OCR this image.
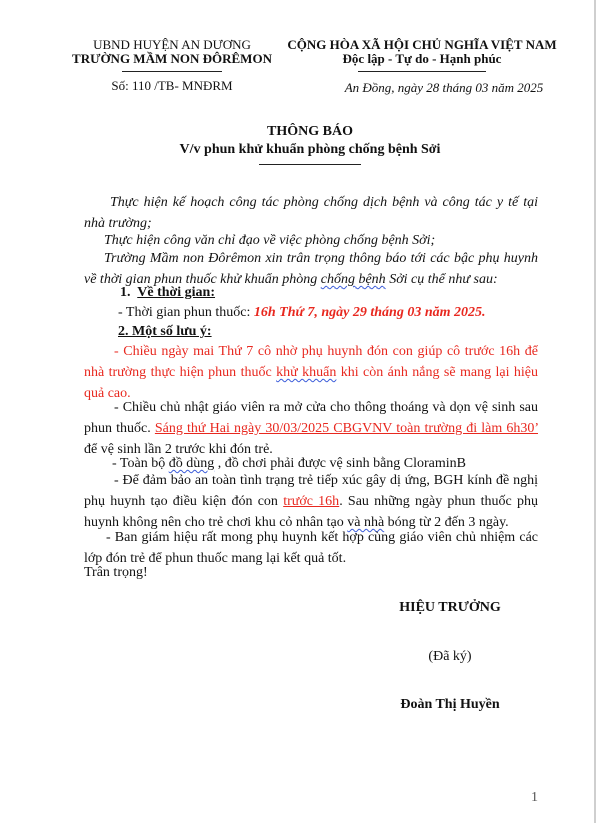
UBND HUYỆN AN DƯƠNG
TRƯỜNG MẦM NON ĐÔRÊMON
Số: 110 /TB- MNĐRM
CỘNG HÒA XÃ HỘI CHỦ NGHĨA VIỆT NAM
Độc lập - Tự do - Hạnh phúc
An Đồng, ngày 28 tháng 03 năm 2025
THÔNG BÁO
V/v phun khử khuẩn phòng chống bệnh Sởi
Thực hiện kế hoạch công tác phòng chống dịch bệnh và công tác y tế tại nhà trường;
Thực hiện công văn chỉ đạo về việc phòng chống bệnh Sởi;
Trường Mầm non Đôrêmon xin trân trọng thông báo tới các bậc phụ huynh về thời gian phun thuốc khử khuẩn phòng chống bệnh Sởi cụ thể như sau:
1. Về thời gian:
- Thời gian phun thuốc: 16h Thứ 7, ngày 29 tháng 03 năm 2025.
2. Một số lưu ý:
- Chiều ngày mai Thứ 7 cô nhờ phụ huynh đón con giúp cô trước 16h để nhà trường thực hiện phun thuốc khử khuẩn khi còn ánh nắng sẽ mang lại hiệu quả cao.
- Chiều chủ nhật giáo viên ra mở cửa cho thông thoáng và dọn vệ sinh sau phun thuốc. Sáng thứ Hai ngày 30/03/2025 CBGVNV toàn trường đi làm 6h30’ để vệ sinh lần 2 trước khi đón trẻ.
- Toàn bộ đồ dùng , đồ chơi phải được vệ sinh bằng CloraminB
- Để đảm bảo an toàn tình trạng trẻ tiếp xúc gây dị ứng, BGH kính đề nghị phụ huynh tạo điều kiện đón con trước 16h. Sau những ngày phun thuốc phụ huynh không nên cho trẻ chơi khu cỏ nhân tạo và nhà bóng từ 2 đến 3 ngày.
- Ban giám hiệu rất mong phụ huynh kết hợp cùng giáo viên chủ nhiệm các lớp đón trẻ để phun thuốc mang lại kết quả tốt.
Trân trọng!
HIỆU TRƯỞNG
(Đã ký)
Đoàn Thị Huyền
1
